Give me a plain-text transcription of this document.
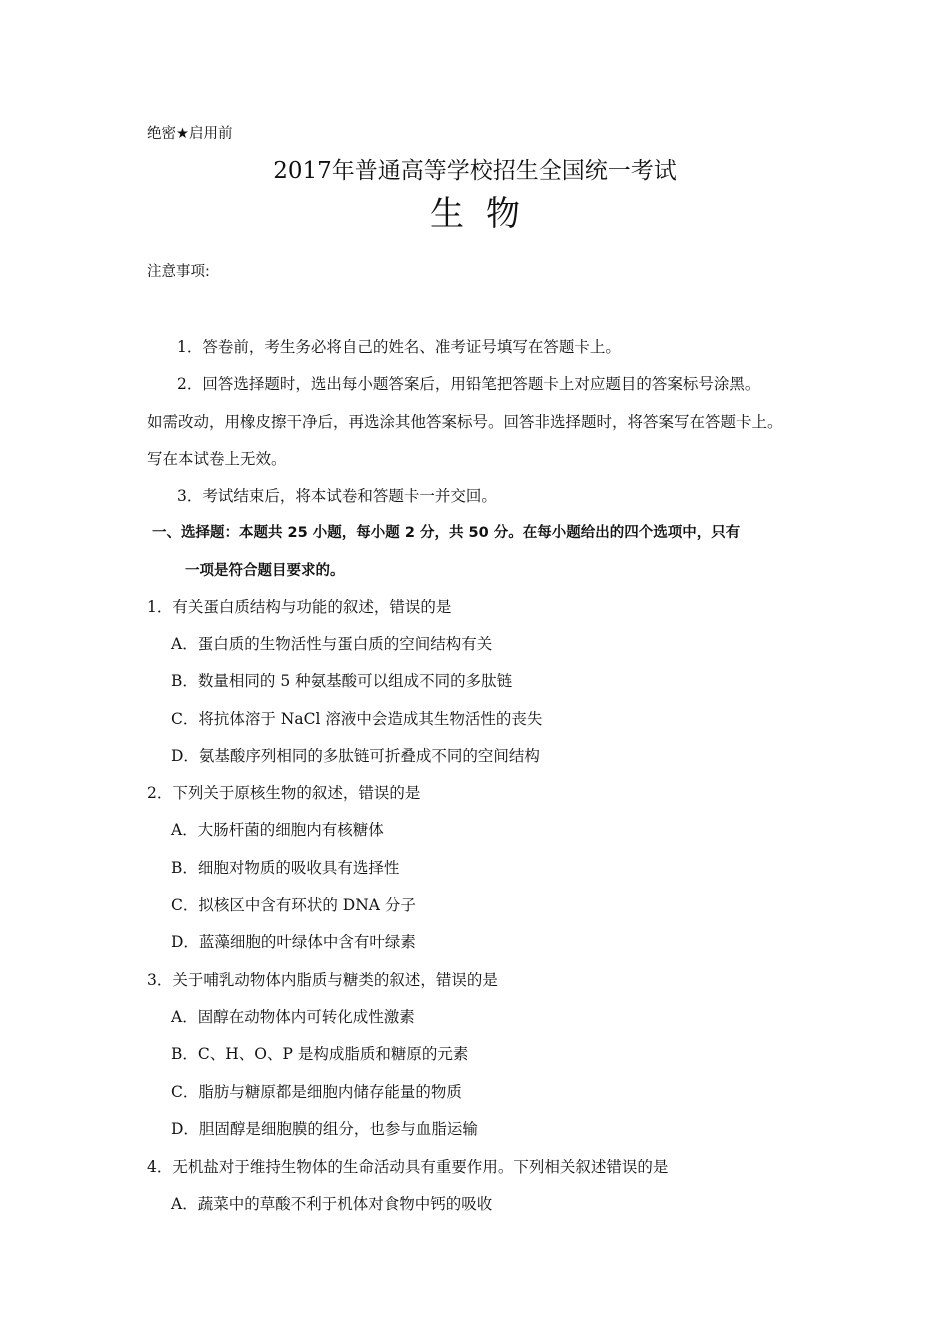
绝密★启用前
2017年普通高等学校招生全国统一考试
生物
注意事项:
1．答卷前，考生务必将自己的姓名、准考证号填写在答题卡上。
2．回答选择题时，选出每小题答案后，用铅笔把答题卡上对应题目的答案标号涂黑。
如需改动，用橡皮擦干净后，再选涂其他答案标号。回答非选择题时，将答案写在答题卡上。
写在本试卷上无效。
3．考试结束后，将本试卷和答题卡一并交回。
一、选择题：本题共 25 小题，每小题 2 分，共 50 分。在每小题给出的四个选项中，只有
一项是符合题目要求的。
1．有关蛋白质结构与功能的叙述，错误的是
A．蛋白质的生物活性与蛋白质的空间结构有关
B．数量相同的 5 种氨基酸可以组成不同的多肽链
C．将抗体溶于 NaCl 溶液中会造成其生物活性的丧失
D．氨基酸序列相同的多肽链可折叠成不同的空间结构
2．下列关于原核生物的叙述，错误的是
A．大肠杆菌的细胞内有核糖体
B．细胞对物质的吸收具有选择性
C．拟核区中含有环状的 DNA 分子
D．蓝藻细胞的叶绿体中含有叶绿素
3．关于哺乳动物体内脂质与糖类的叙述，错误的是
A．固醇在动物体内可转化成性激素
B．C、H、O、P 是构成脂质和糖原的元素
C．脂肪与糖原都是细胞内储存能量的物质
D．胆固醇是细胞膜的组分，也参与血脂运输
4．无机盐对于维持生物体的生命活动具有重要作用。下列相关叙述错误的是
A．蔬菜中的草酸不利于机体对食物中钙的吸收
